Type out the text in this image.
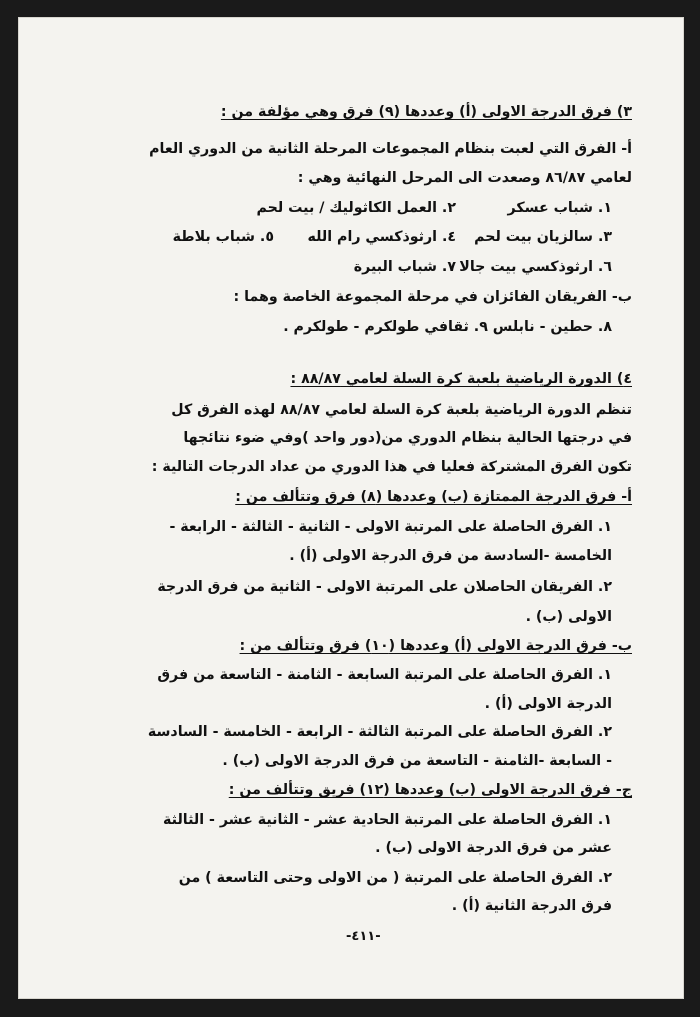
٣) فرق الدرجة الاولى (أ) وعددها (٩) فرق وهي مؤلفة من :
أ- الفرق التي لعبت بنظام المجموعات المرحلة الثانية من الدوري العام
لعامي ٨٦/٨٧ وصعدت الى المرحل النهائية وهي :
١. شباب عسكر
٢. العمل الكاثوليك / بيت لحم
٣. سالزيان بيت لحم
٤. ارثوذكسي رام الله
٥. شباب بلاطة
٦. ارثوذكسي بيت جالا
٧. شباب البيرة
ب- الفريقان الفائزان في مرحلة المجموعة الخاصة وهما :
٨. حطين - نابلس ٩. ثقافي طولكرم - طولكرم .
٤) الدورة الرياضية بلعبة كرة السلة لعامي ٨٨/٨٧ :
تنظم الدورة الرياضية بلعبة كرة السلة لعامي ٨٨/٨٧ لهذه الفرق كل
في درجتها الحالية بنظام الدوري من(دور واحد )وفي ضوء نتائجها
تكون الفرق المشتركة فعليا في هذا الدوري من عداد الدرجات التالية :
أ- فرق الدرجة الممتازة (ب) وعددها (٨) فرق وتتألف من :
١. الفرق الحاصلة على المرتبة الاولى - الثانية - الثالثة - الرابعة -
الخامسة -السادسة من فرق الدرجة الاولى (أ) .
٢. الفريقان الحاصلان على المرتبة الاولى - الثانية من فرق الدرجة
الاولى (ب) .
ب- فرق الدرجة الاولى (أ) وعددها (١٠) فرق وتتألف من :
١. الفرق الحاصلة على المرتبة السابعة - الثامنة - التاسعة من فرق
الدرجة الاولى (أ) .
٢. الفرق الحاصلة على المرتبة الثالثة - الرابعة - الخامسة - السادسة
- السابعة -الثامنة - التاسعة من فرق الدرجة الاولى (ب) .
ج- فرق الدرجة الاولى (ب) وعددها (١٢) فريق وتتألف من :
١. الفرق الحاصلة على المرتبة الحادية عشر - الثانية عشر - الثالثة
عشر من فرق الدرجة الاولى (ب) .
٢. الفرق الحاصلة على المرتبة ( من الاولى وحتى التاسعة ) من
فرق الدرجة الثانية (أ) .
-٤١١-
